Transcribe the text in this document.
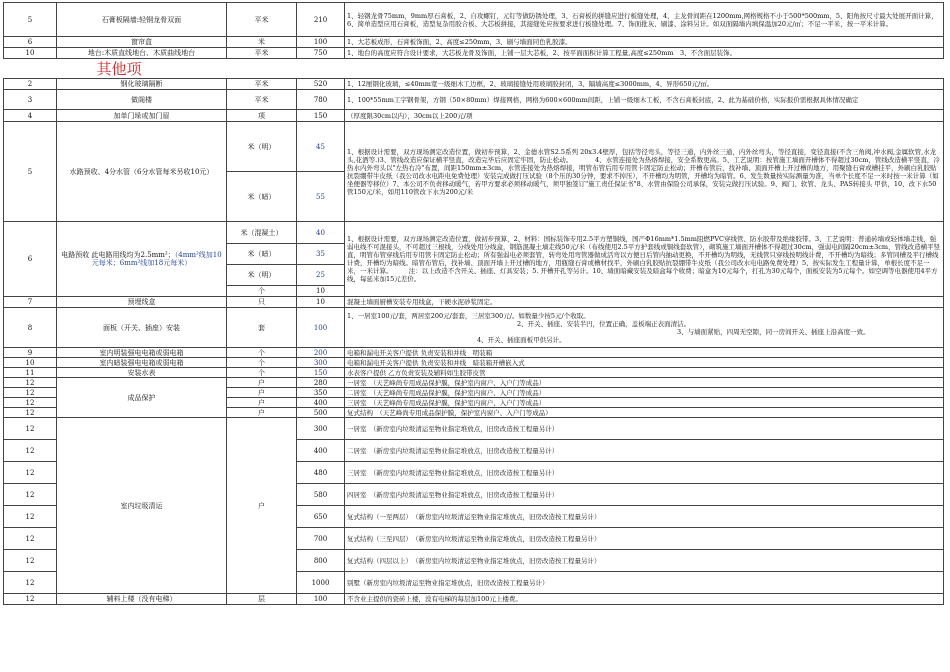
5	石膏板隔墙:轻钢龙骨双面	平米	210	1、轻钢龙骨75mm，9mm厚石膏板，2、自攻螺钉，元钉等做防锈处理，3、石膏板的拼缝应进行板缝处理，4、主龙骨间距在1200mm,网格规格不小于500*500mm，5、阳角按尺寸最大处展开面计算，6、简单造型应用石膏板，造型复杂用胶合板、大芯板拼接，其接缝处应按要求进行板缝处理。7、饰面批灰、刷漆、涂料另计。如双面隔墙内填保温加20元/㎡；不足一平米，按一平米计算。
6	窗帘盒	米	100	1、大芯板成形，石膏板饰面，2、高度≤250mm，3、刷与墙面同色乳胶漆。
10	地台:木质直线地台、木质曲线地台	平米	750	1、地台的高度应符合设计要求，大芯板龙骨及饰面，上铺一层大芯板，2、按平面面积计算工程量,高度≤250mm　3、不含面层装饰。
	其他项			
2	钢化玻璃隔断	平米	520	1、12厘钢化玻璃，≤40mm宽一级细木工边框，2、玻璃接缝处用玻璃胶封闭，3、隔墙高度≤3000mm，4、异形650元/㎡。
3	做阁楼	平米	780	1、100*55mm工字钢骨架，方钢（50×80mm）焊接网格，网格为600×600mm间距，上铺一级细木工板，不含石膏板封底，2、此为基础价格，实际报价需根据具体情况确定
4	加单门垛或加门眉	项	150	（厚度限30cm以内），30cm以上200元/项
5	水路预收、4分水管（6分水管每米另收10元）	米（明）	45	1、根据设计需要，双方现场测定改造位置，做初步预算，2、金德水管S2.5系列 20x3.4壁厚，包括等径弯头，等径三通，内外丝三通，内外丝弯头，等径直接，变径直接(不含三角阀,冲水阀,金属软管,水龙头,花洒等.)3、管线改造应保证横平竖直，改造完毕后应固定牢固，防止松动。　　　　4、水管连接处为热熔焊接，安全系数更高。5、工艺说明：按管施工墙面开槽体不得超过30cm，管线改造横平竖直，冷热水内外弯头以"左热右冷"布置，间距150mm±3cm，水管连接处为热熔焊接，明管布管后用专用管卡固定防止松动；开槽布管后，找补墙、顶面开槽上开过槽的地方，用聚缝石膏或槽挂平，外刷白乳胶贴抗裂绷带牛皮纸（我公司改水电距电免费处理）安装完成做打压试验（8个压的30分钟，要求不掉压），不开槽均为明管，开槽均为暗管。6、发生数量按实际测量为准，当单个长度不足一米时按一米计算（如坐便器等移位）7、本公司不负责移动暖气，若甲方要求必须移动暖气，须甲独签订"施工责任保证书"8、水管由保险公司承保，安装完做打压试验。9、阀门、软管、龙头、PAS转接头 甲供，10、改下水50管150元/米，如用110管改下水为200元/米
		米（暗）	55	
6	电路预收 此电路用线均为2.5mm²；（4mm²线加10元每米；6mm²线加18元每米）	米（混凝土）	40	1、根据设计需要，双方现场测定改造位置，做初步预算，2、材料：国标装饰专用2.5平方塑铜线，国产Φ16mm*1.5mm阻燃PVC穿线管、防水胶带及绝缘胶带。3、工艺说明：普通砖墙或轻体墙走线，强弱电线不可混接头，不可超过三根线，分线处用分线盒，钢筋混凝土墙走线50元/米（布线使用2.5平方护套线或铜线套软管），砌筑施工墙面开槽体不得超过30cm，强弱电间隔20cm±3cm，管线改造横平竖直，明管布管穿线后用专用管卡固定防止松动；所有强弱电必须套管，转弯处用弯管器做成活弯以方便日后管内抽动更换，不开槽均为明线，无线管只穿线按明线计费，不开槽均为暗线；多管同槽及平行槽线计费，开槽均为暗线。暗管布管后，找补墙、顶面开墙上开过槽的地方，用瓶缝石膏或槽材找平，外刷白乳胶贴抗裂绷带牛皮纸（我公司改水电电路免费处理）5、按实际发生工程量计算，单根长度不足一米，一米计算。　　　注：以上改造不含开关、插座、灯具安装；5. 开槽开孔等另计。10、墙面暗藏安装及暗盒每个收费；暗盒为10元每个，打孔为30元每个，面板安装为5元每个。如空调等电器使用4平方线，每延米加15元差价。
		米（暗）	35	
		米（明）	25	
		个	10	
7	预埋线盒	只	10	混凝土墙面厨槽安装专用线盒，干硬水泥砂浆固定。
8	面板（开关、插座）安装	套	100	1、一居室100元/套，两居室200元/套套，三居室300元/。如数量少按5元/个收取。
2、开关、插座、安装半円，位置正确，盖板端正表面清洁。
3、与墙面紧贴，四周无空隙，同一房间开关、插座上沿高度一致。
4、开关、插座面板甲供另计。

9	室内明装强电电箱或弱电箱	个	200	电箱和漏电开关客户提供 负责安装和并线　明装箱
10	室内暗装强电电箱或弱电箱	个	300	电箱和漏电开关客户提供 负责安装和并线　暗装箱开槽嵌入式
11	安装水表	个	150	水表客户提供 乙方负责安装及辅料如生胶带皮管
12	成品保护	户	280	一居室　（天艺峰尚专用成品保护膜，保护室内窗户、入户门等成品）
12		户	350	二居室　（天艺峰尚专用成品保护膜，保护室内窗户、入户门等成品）
12		户	400	三居室　（天艺峰尚专用成品保护膜，保护室内窗户、入户门等成品）
12		户	500	复式结构　（天艺峰尚专用成品保护膜，保护室内窗户、入户门等成品）
12	室内垃圾清运	户	300	一居室　（新房室内垃圾清运至物业指定堆放点，旧房改造按工程量另计）
12			400	二居室　（新房室内垃圾清运至物业指定堆放点，旧房改造按工程量另计）
12			480	三居室　（新房室内垃圾清运至物业指定堆放点，旧房改造按工程量另计）
12			580	四居室　（新房室内垃圾清运至物业指定堆放点，旧房改造按工程量另计）
12			650	复式结构（一至两层）　（新房室内垃圾清运至物业指定堆放点，旧房改造按工程量另计）
12			700	复式结构（三至四层）　（新房室内垃圾清运至物业指定堆放点，旧房改造按工程量另计）
12			800	复式结构（四层以上）　（新房室内垃圾清运至物业指定堆放点，旧房改造按工程量另计）
12			1000	别墅（新房室内垃圾清运至物业指定堆放点，旧房改造按工程量另计）
12	辅料上楼（没有电梯）	层	100	不含业主提供的瓷砖上楼，没有电梯的每层加100元上楼费。
